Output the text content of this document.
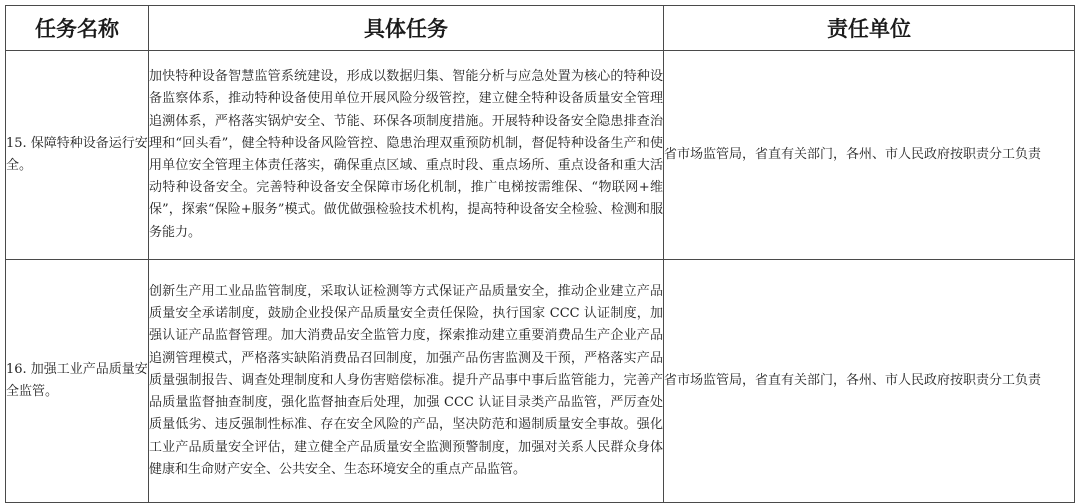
任务名称	具体任务	责任单位
15. 保障特种设备运行安全。	加快特种设备智慧监管系统建设，形成以数据归集、智能分析与应急处置为核心的特种设备监察体系，推动特种设备使用单位开展风险分级管控，建立健全特种设备质量安全管理追溯体系，严格落实锅炉安全、节能、环保各项制度措施。开展特种设备安全隐患排查治理和“回头看”，健全特种设备风险管控、隐患治理双重预防机制，督促特种设备生产和使用单位安全管理主体责任落实，确保重点区域、重点时段、重点场所、重点设备和重大活动特种设备安全。完善特种设备安全保障市场化机制，推广电梯按需维保、“物联网+维保”，探索“保险+服务”模式。做优做强检验技术机构，提高特种设备安全检验、检测和服务能力。	省市场监管局，省直有关部门，各州、市人民政府按职责分工负责
16. 加强工业产品质量安全监管。	创新生产用工业品监管制度，采取认证检测等方式保证产品质量安全，推动企业建立产品质量安全承诺制度，鼓励企业投保产品质量安全责任保险，执行国家 CCC 认证制度，加强认证产品监督管理。加大消费品安全监管力度，探索推动建立重要消费品生产企业产品追溯管理模式，严格落实缺陷消费品召回制度，加强产品伤害监测及干预，严格落实产品质量强制报告、调查处理制度和人身伤害赔偿标准。提升产品事中事后监管能力，完善产品质量监督抽查制度，强化监督抽查后处理，加强 CCC 认证目录类产品监管，严厉查处质量低劣、违反强制性标准、存在安全风险的产品，坚决防范和遏制质量安全事故。强化工业产品质量安全评估，建立健全产品质量安全监测预警制度，加强对关系人民群众身体健康和生命财产安全、公共安全、生态环境安全的重点产品监管。	省市场监管局，省直有关部门，各州、市人民政府按职责分工负责
